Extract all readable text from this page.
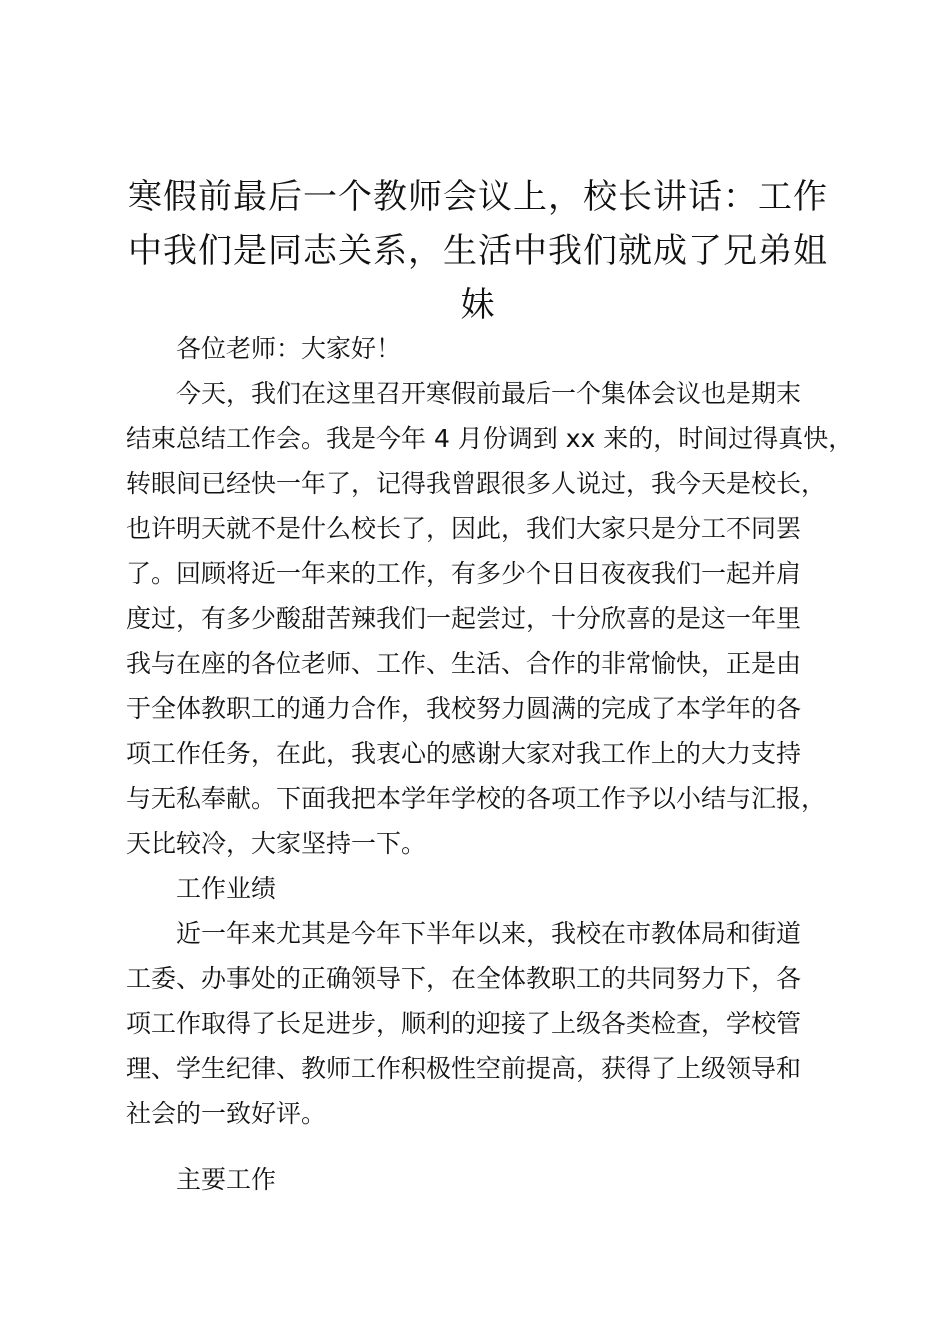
寒假前最后一个教师会议上，校长讲话：工作
中我们是同志关系，生活中我们就成了兄弟姐
妹

各位老师：大家好！

今天，我们在这里召开寒假前最后一个集体会议也是期末
结束总结工作会。我是今年 4 月份调到 xx 来的，时间过得真快，
转眼间已经快一年了，记得我曾跟很多人说过，我今天是校长，
也许明天就不是什么校长了，因此，我们大家只是分工不同罢
了。回顾将近一年来的工作，有多少个日日夜夜我们一起并肩
度过，有多少酸甜苦辣我们一起尝过，十分欣喜的是这一年里
我与在座的各位老师、工作、生活、合作的非常愉快，正是由
于全体教职工的通力合作，我校努力圆满的完成了本学年的各
项工作任务，在此，我衷心的感谢大家对我工作上的大力支持
与无私奉献。下面我把本学年学校的各项工作予以小结与汇报，
天比较冷，大家坚持一下。

工作业绩

近一年来尤其是今年下半年以来，我校在市教体局和街道
工委、办事处的正确领导下，在全体教职工的共同努力下，各
项工作取得了长足进步，顺利的迎接了上级各类检查，学校管
理、学生纪律、教师工作积极性空前提高，获得了上级领导和
社会的一致好评。

主要工作
